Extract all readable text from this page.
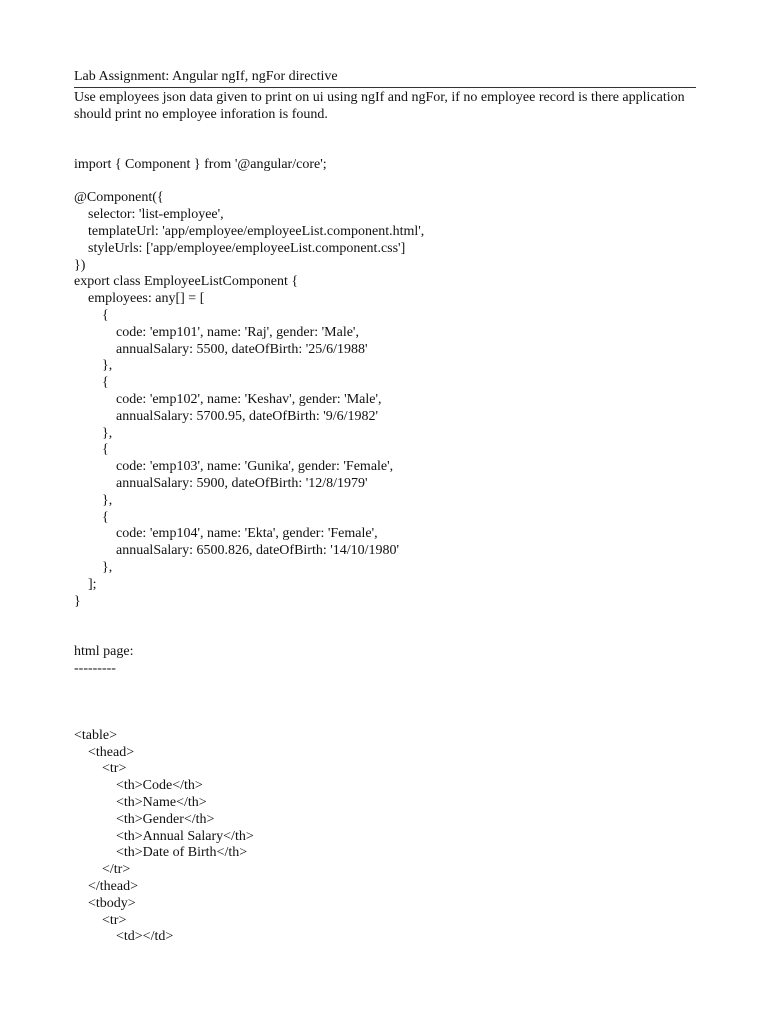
Lab Assignment: Angular ngIf, ngFor directive
Use employees json data given to print on ui using ngIf and ngFor, if no employee record is there application should print no employee inforation is found.
import { Component } from '@angular/core';
@Component({
selector: 'list-employee',
templateUrl: 'app/employee/employeeList.component.html',
styleUrls: ['app/employee/employeeList.component.css']
})
export class EmployeeListComponent {
employees: any[] = [
{
code: 'emp101', name: 'Raj', gender: 'Male',
annualSalary: 5500, dateOfBirth: '25/6/1988'
},
{
code: 'emp102', name: 'Keshav', gender: 'Male',
annualSalary: 5700.95, dateOfBirth: '9/6/1982'
},
{
code: 'emp103', name: 'Gunika', gender: 'Female',
annualSalary: 5900, dateOfBirth: '12/8/1979'
},
{
code: 'emp104', name: 'Ekta', gender: 'Female',
annualSalary: 6500.826, dateOfBirth: '14/10/1980'
},
];
}
html page:
---------
<table>
<thead>
<tr>
<th>Code</th>
<th>Name</th>
<th>Gender</th>
<th>Annual Salary</th>
<th>Date of Birth</th>
</tr>
</thead>
<tbody>
<tr>
<td></td>
